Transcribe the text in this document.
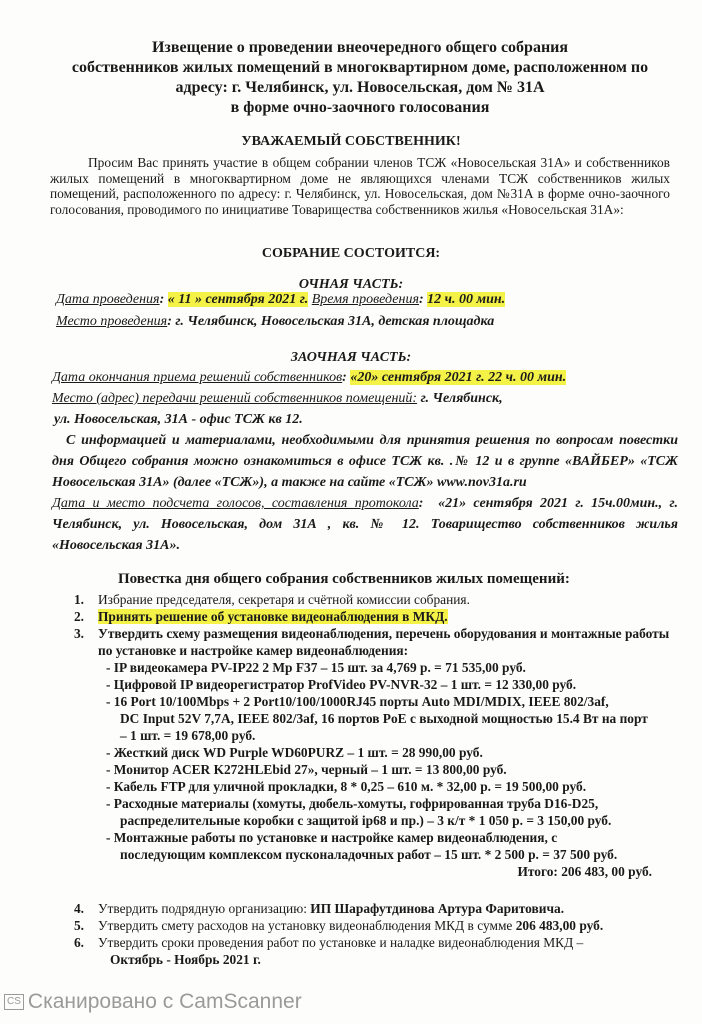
Извещение о проведении внеочередного общего собрания
собственников жилых помещений в многоквартирном доме, расположенном по
адресу: г. Челябинск, ул. Новосельская, дом № 31А
в форме очно-заочного голосования
УВАЖАЕМЫЙ СОБСТВЕННИК!
Просим Вас принять участие в общем собрании членов ТСЖ «Новосельская 31А» и собственников жилых помещений в многоквартирном доме не являющихся членами ТСЖ собственников жилых помещений, расположенного по адресу: г. Челябинск, ул. Новосельская, дом №31А в форме очно-заочного голосования, проводимого по инициативе Товарищества собственников жилья «Новосельская 31А»:
СОБРАНИЕ СОСТОИТСЯ:
ОЧНАЯ ЧАСТЬ:
Дата проведения: « 11 » сентября 2021 г. Время проведения: 12 ч. 00 мин.
Место проведения: г. Челябинск, Новосельская 31А, детская площадка
ЗАОЧНАЯ ЧАСТЬ:
Дата окончания приема решений собственников: «20» сентября 2021 г. 22 ч. 00 мин.
Место (адрес) передачи решений собственников помещений: г. Челябинск,
ул. Новосельская, 31А - офис ТСЖ кв 12.
С информацией и материалами, необходимыми для принятия решения по вопросам повестки дня Общего собрания можно ознакомиться в офисе ТСЖ кв. .№ 12 и в группе «ВАЙБЕР» «ТСЖ Новосельская 31А» (далее «ТСЖ»), а также на сайте «ТСЖ» www.nov31a.ru
Дата и место подсчета голосов, составления протокола:  «21» сентября 2021 г. 15ч.00мин., г. Челябинск, ул. Новосельская, дом 31А , кв. № 12. Товарищество собственников жилья «Новосельская 31А».
Повестка дня общего собрания собственников жилых помещений:
1. Избрание председателя, секретаря и счётной комиссии собрания.
2. Принять решение об установке видеонаблюдения в МКД.
3. Утвердить схему размещения видеонаблюдения, перечень оборудования и монтажные работы по установке и настройке камер видеонаблюдения:
- IP видеокамера PV-IP22 2 Mp F37 – 15 шт. за 4,769 р. = 71 535,00 руб.
- Цифровой IP видеорегистратор ProfVideo PV-NVR-32 – 1 шт. = 12 330,00 руб.
- 16 Port 10/100Mbps + 2 Port10/100/1000RJ45 порты Auto MDI/MDIX, IEEE 802/3af,
DC Input 52V 7,7A, IEEE 802/3af, 16 портов PoE с выходной мощностью 15.4 Вт на порт
– 1 шт. = 19 678,00 руб.
- Жесткий диск WD Purple WD60PURZ – 1 шт. = 28 990,00 руб.
- Монитор ACER K272HLEbid 27», черный – 1 шт. = 13 800,00 руб.
- Кабель FTP для уличной прокладки, 8 * 0,25 – 610 м. * 32,00 р. = 19 500,00 руб.
- Расходные материалы (хомуты, дюбель-хомуты, гофрированная труба D16-D25,
распределительные коробки с защитой ip68 и пр.) – 3 к/т * 1 050 р. = 3 150,00 руб.
- Монтажные работы по установке и настройке камер видеонаблюдения, с
последующим комплексом пусконаладочных работ – 15 шт. * 2 500 р. = 37 500 руб.
Итого: 206 483, 00 руб.
4. Утвердить подрядную организацию: ИП Шарафутдинова Артура Фаритовича.
5. Утвердить смету расходов на установку видеонаблюдения МКД в сумме 206 483,00 руб.
6. Утвердить сроки проведения работ по установке и наладке видеонаблюдения МКД –
Октябрь - Ноябрь 2021 г.
CS Сканировано с CamScanner
